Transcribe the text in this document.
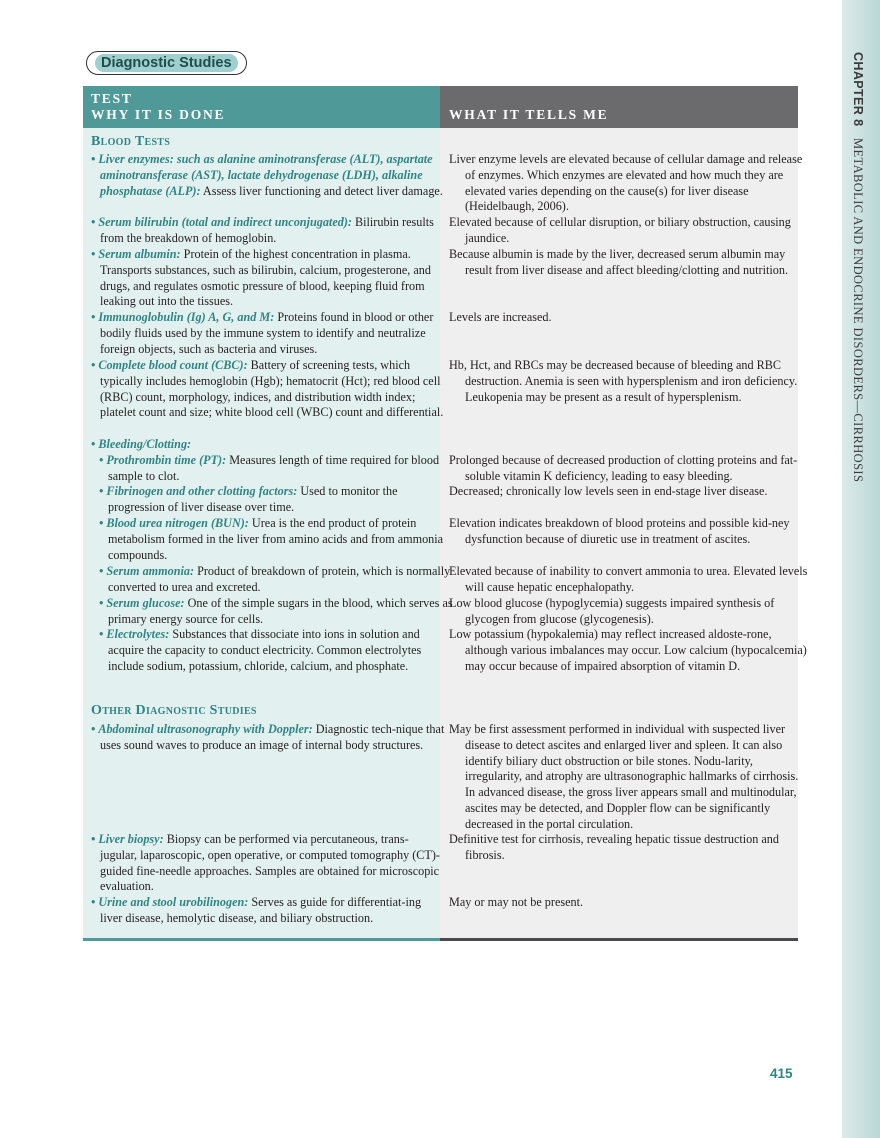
CHAPTER 8 METABOLIC AND ENDOCRINE DISORDERS—CIRRHOSIS
Diagnostic Studies
TEST
WHY IT IS DONE	WHAT IT TELLS ME
Blood Tests

• Liver enzymes: such as alanine aminotransferase (ALT), aspartate aminotransferase (AST), lactate dehydrogenase (LDH), alkaline phosphatase (ALP): Assess liver functioning and detect liver damage.

• Serum bilirubin (total and indirect unconjugated): Bilirubin results from the breakdown of hemoglobin.

• Serum albumin: Protein of the highest concentration in plasma. Transports substances, such as bilirubin, calcium, progesterone, and drugs, and regulates osmotic pressure of blood, keeping fluid from leaking out into the tissues.

• Immunoglobulin (Ig) A, G, and M: Proteins found in blood or other bodily fluids used by the immune system to identify and neutralize foreign objects, such as bacteria and viruses.

• Complete blood count (CBC): Battery of screening tests, which typically includes hemoglobin (Hgb); hematocrit (Hct); red blood cell (RBC) count, morphology, indices, and distribution width index; platelet count and size; white blood cell (WBC) count and differential.

• Bleeding/Clotting:

• Prothrombin time (PT): Measures length of time required for blood sample to clot.

• Fibrinogen and other clotting factors: Used to monitor the progression of liver disease over time.

• Blood urea nitrogen (BUN): Urea is the end product of protein metabolism formed in the liver from amino acids and from ammonia compounds.

• Serum ammonia: Product of breakdown of protein, which is normally converted to urea and excreted.

• Serum glucose: One of the simple sugars in the blood, which serves as primary energy source for cells.

• Electrolytes: Substances that dissociate into ions in solution and acquire the capacity to conduct electricity. Common electrolytes include sodium, potassium, chloride, calcium, and phosphate.

Other Diagnostic Studies

• Abdominal ultrasonography with Doppler: Diagnostic tech-nique that uses sound waves to produce an image of internal body structures.

• Liver biopsy: Biopsy can be performed via percutaneous, trans-jugular, laparoscopic, open operative, or computed tomography (CT)-guided fine-needle approaches. Samples are obtained for microscopic evaluation.

• Urine and stool urobilinogen: Serves as guide for differentiat-ing liver disease, hemolytic disease, and biliary obstruction.

Liver enzyme levels are elevated because of cellular damage and release of enzymes. Which enzymes are elevated and how much they are elevated varies depending on the cause(s) for liver disease (Heidelbaugh, 2006).

Elevated because of cellular disruption, or biliary obstruction, causing jaundice.

Because albumin is made by the liver, decreased serum albumin may result from liver disease and affect bleeding/clotting and nutrition.

Levels are increased.

Hb, Hct, and RBCs may be decreased because of bleeding and RBC destruction. Anemia is seen with hypersplenism and iron deficiency. Leukopenia may be present as a result of hypersplenism.

Prolonged because of decreased production of clotting proteins and fat-soluble vitamin K deficiency, leading to easy bleeding.

Decreased; chronically low levels seen in end-stage liver disease.

Elevation indicates breakdown of blood proteins and possible kid-ney dysfunction because of diuretic use in treatment of ascites.

Elevated because of inability to convert ammonia to urea. Elevated levels will cause hepatic encephalopathy.

Low blood glucose (hypoglycemia) suggests impaired synthesis of glycogen from glucose (glycogenesis).

Low potassium (hypokalemia) may reflect increased aldoste-rone, although various imbalances may occur. Low calcium (hypocalcemia) may occur because of impaired absorption of vitamin D.

May be first assessment performed in individual with suspected liver disease to detect ascites and enlarged liver and spleen. It can also identify biliary duct obstruction or bile stones. Nodu-larity, irregularity, and atrophy are ultrasonographic hallmarks of cirrhosis. In advanced disease, the gross liver appears small and multinodular, ascites may be detected, and Doppler flow can be significantly decreased in the portal circulation.

Definitive test for cirrhosis, revealing hepatic tissue destruction and fibrosis.

May or may not be present.

415
